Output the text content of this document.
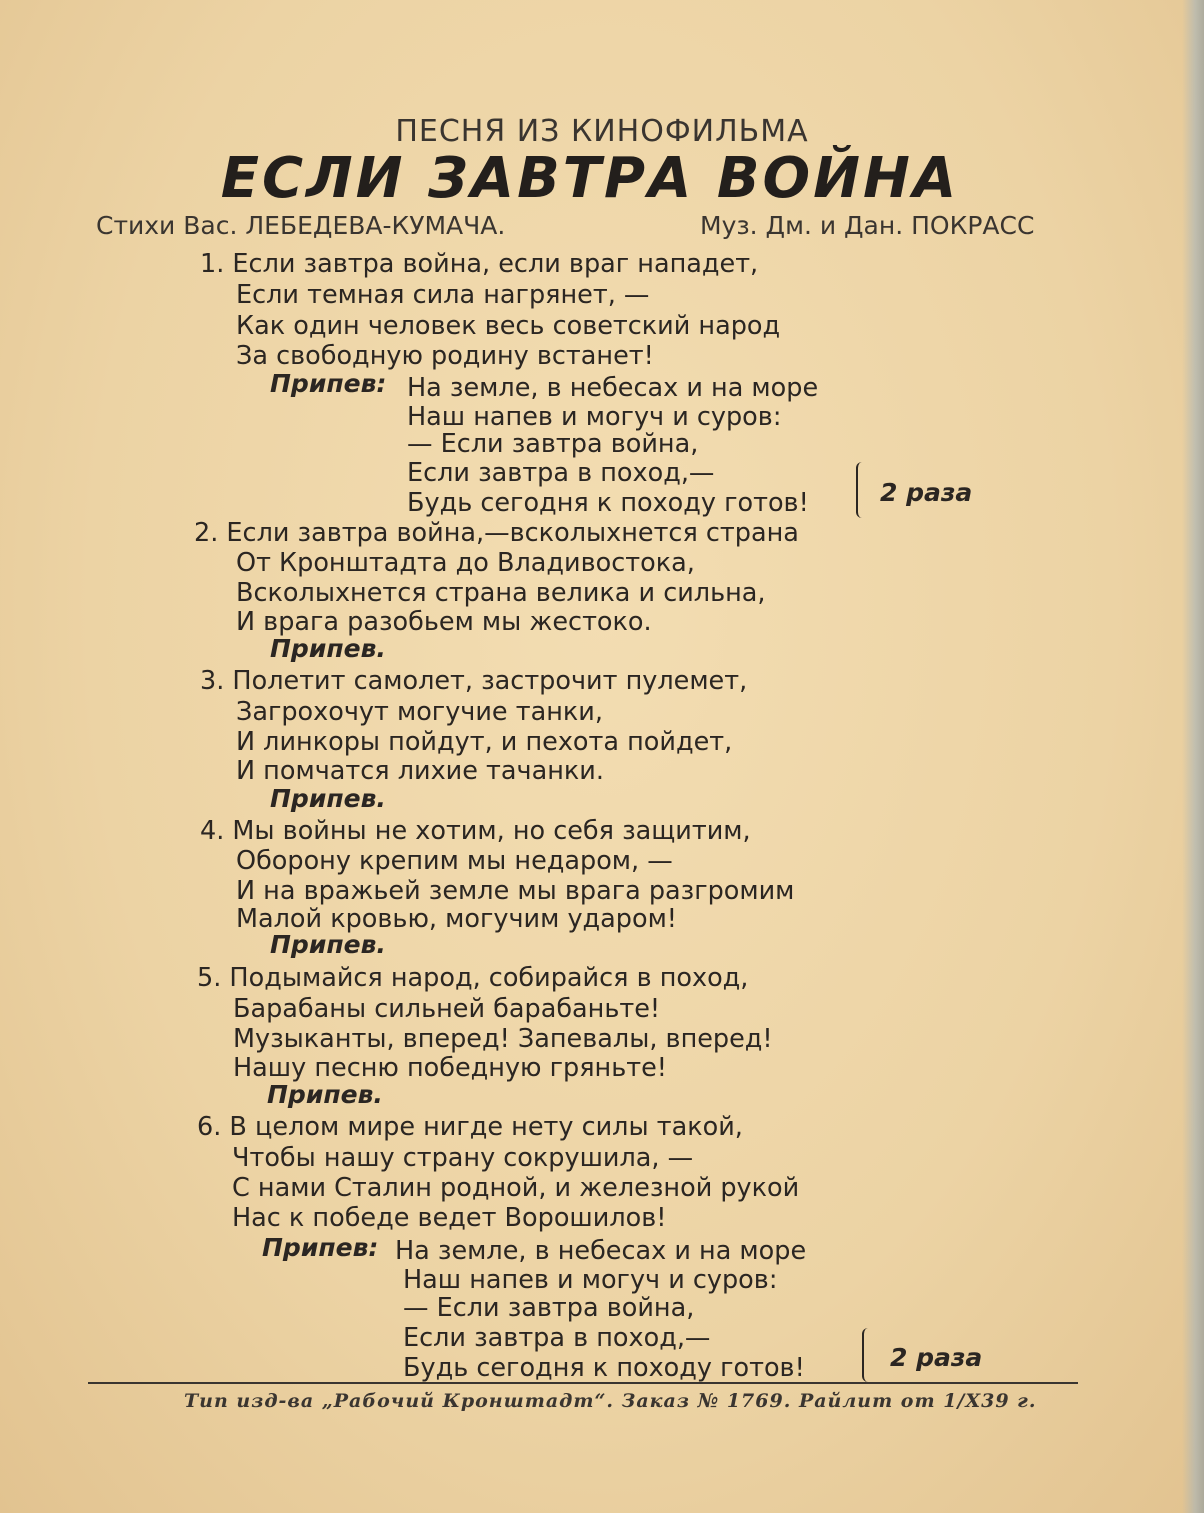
ПЕСНЯ ИЗ КИНОФИЛЬМА
ЕСЛИ ЗАВТРА ВОЙНА
Стихи Вас. ЛЕБЕДЕВА-КУМАЧА.	Муз. Дм. и Дан. ПОКРАСС
1. Если завтра война, если враг нападет,
Если темная сила нагрянет, —
Как один человек весь советский народ
За свободную родину встанет!
Припев: На земле, в небесах и на море
Наш напев и могуч и суров:
— Если завтра война,
Если завтра в поход,—
Будь сегодня к походу готов!	2 раза
2. Если завтра война,—всколыхнется страна
От Кронштадта до Владивостока,
Всколыхнется страна велика и сильна,
И врага разобьем мы жестоко.
Припев.
3. Полетит самолет, застрочит пулемет,
Загрохочут могучие танки,
И линкоры пойдут, и пехота пойдет,
И помчатся лихие тачанки.
Припев.
4. Мы войны не хотим, но себя защитим,
Оборону крепим мы недаром, —
И на вражьей земле мы врага разгромим
Малой кровью, могучим ударом!
Припев.
5. Подымайся народ, собирайся в поход,
Барабаны сильней барабаньте!
Музыканты, вперед! Запевалы, вперед!
Нашу песню победную гряньте!
Припев.
6. В целом мире нигде нету силы такой,
Чтобы нашу страну сокрушила, —
С нами Сталин родной, и железной рукой
Нас к победе ведет Ворошилов!
Припев: На земле, в небесах и на море
Наш напев и могуч и суров:
— Если завтра война,
Если завтра в поход,—
Будь сегодня к походу готов!	2 раза
Тип изд-ва „Рабочий Кронштадт“. Заказ № 1769. Райлит от 1/X39 г.
